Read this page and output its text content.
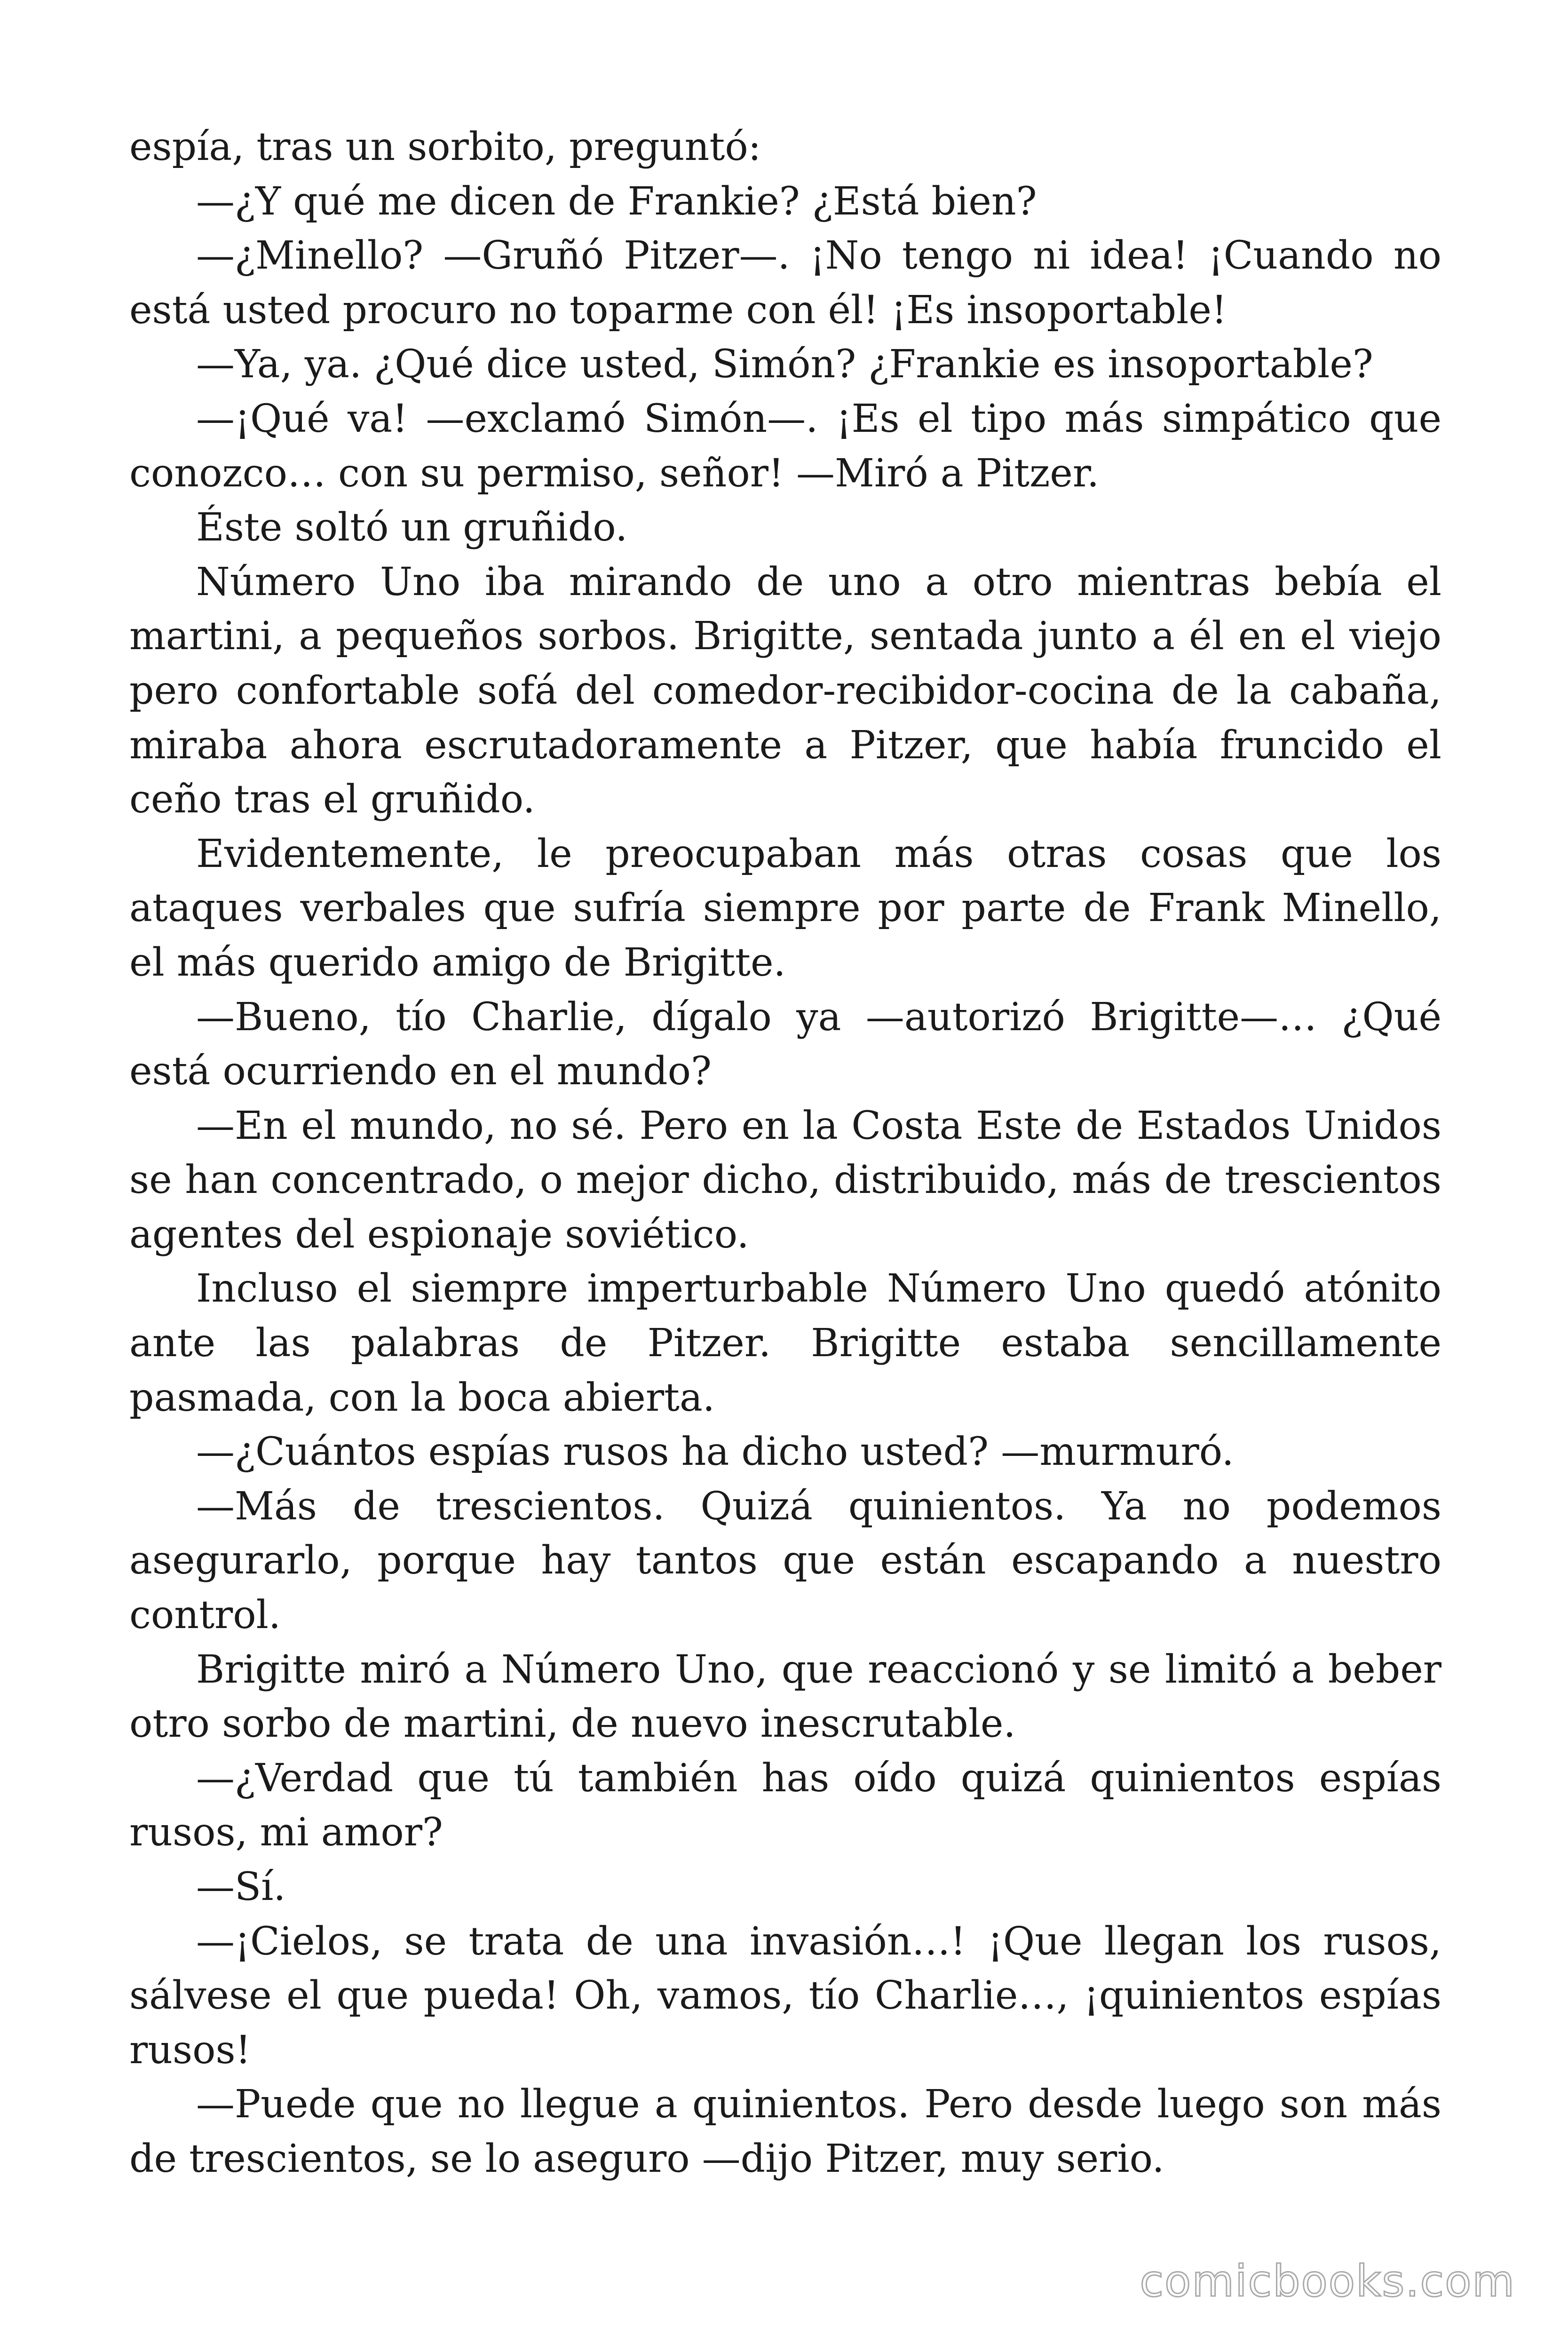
espía, tras un sorbito, preguntó:

—¿Y qué me dicen de Frankie? ¿Está bien?

—¿Minello? —Gruñó Pitzer—. ¡No tengo ni idea! ¡Cuando no está usted procuro no toparme con él! ¡Es insoportable!

—Ya, ya. ¿Qué dice usted, Simón? ¿Frankie es insoportable?

—¡Qué va! —exclamó Simón—. ¡Es el tipo más simpático que conozco… con su permiso, señor! —Miró a Pitzer.

Éste soltó un gruñido.

Número Uno iba mirando de uno a otro mientras bebía el martini, a pequeños sorbos. Brigitte, sentada junto a él en el viejo pero confortable sofá del comedor-recibidor-cocina de la cabaña, miraba ahora escrutadoramente a Pitzer, que había fruncido el ceño tras el gruñido.

Evidentemente, le preocupaban más otras cosas que los ataques verbales que sufría siempre por parte de Frank Minello, el más querido amigo de Brigitte.

—Bueno, tío Charlie, dígalo ya —autorizó Brigitte—… ¿Qué está ocurriendo en el mundo?

—En el mundo, no sé. Pero en la Costa Este de Estados Unidos se han concentrado, o mejor dicho, distribuido, más de trescientos agentes del espionaje soviético.

Incluso el siempre imperturbable Número Uno quedó atónito ante las palabras de Pitzer. Brigitte estaba sencillamente pasmada, con la boca abierta.

—¿Cuántos espías rusos ha dicho usted? —murmuró.

—Más de trescientos. Quizá quinientos. Ya no podemos asegurarlo, porque hay tantos que están escapando a nuestro control.

Brigitte miró a Número Uno, que reaccionó y se limitó a beber otro sorbo de martini, de nuevo inescrutable.

—¿Verdad que tú también has oído quizá quinientos espías rusos, mi amor?

—Sí.

—¡Cielos, se trata de una invasión…! ¡Que llegan los rusos, sálvese el que pueda! Oh, vamos, tío Charlie…, ¡quinientos espías rusos!

—Puede que no llegue a quinientos. Pero desde luego son más de trescientos, se lo aseguro —dijo Pitzer, muy serio.

comicbooks.com
